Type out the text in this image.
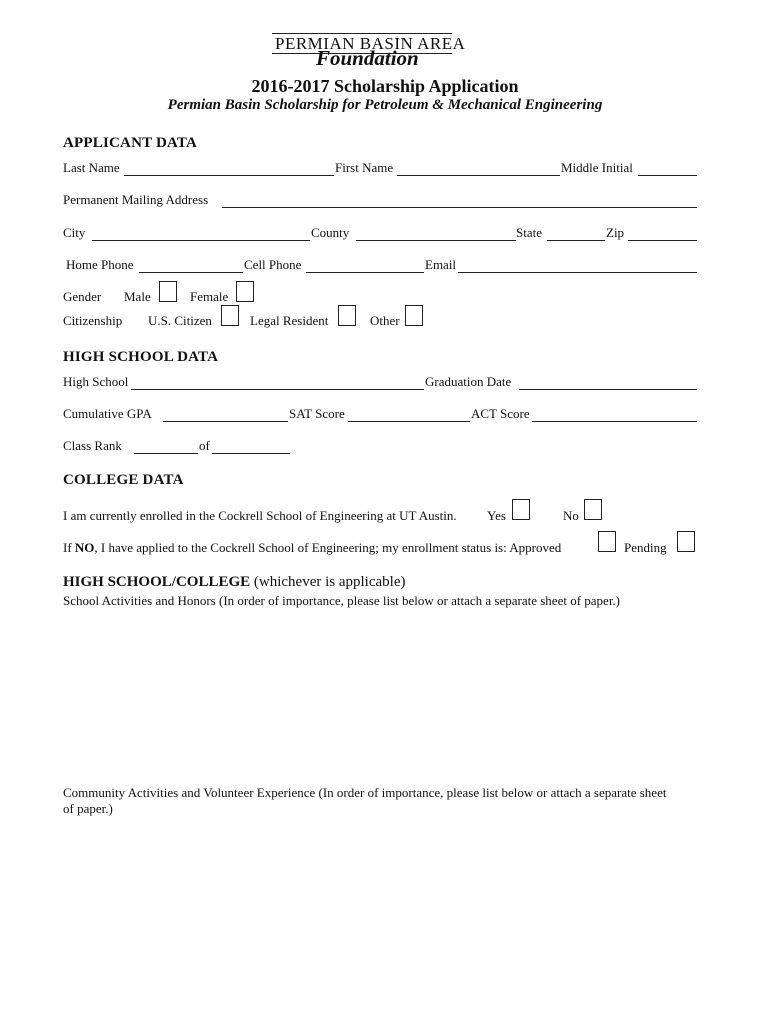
PERMIAN BASIN AREA
Foundation
2016-2017 Scholarship Application
Permian Basin Scholarship for Petroleum & Mechanical Engineering
APPLICANT DATA
Last Name	First Name	Middle Initial
Permanent Mailing Address
City	County	State	Zip
Home Phone	Cell Phone	Email
Gender Male	Female
Citizenship U.S. Citizen	Legal Resident	Other
HIGH SCHOOL DATA
High School	Graduation Date
Cumulative GPA	SAT Score	ACT Score
Class Rank	of
COLLEGE DATA
I am currently enrolled in the Cockrell School of Engineering at UT Austin. Yes	No
If NO, I have applied to the Cockrell School of Engineering; my enrollment status is: Approved	Pending
HIGH SCHOOL/COLLEGE (whichever is applicable)
School Activities and Honors (In order of importance, please list below or attach a separate sheet of paper.)
Community Activities and Volunteer Experience (In order of importance, please list below or attach a separate sheet
of paper.)
